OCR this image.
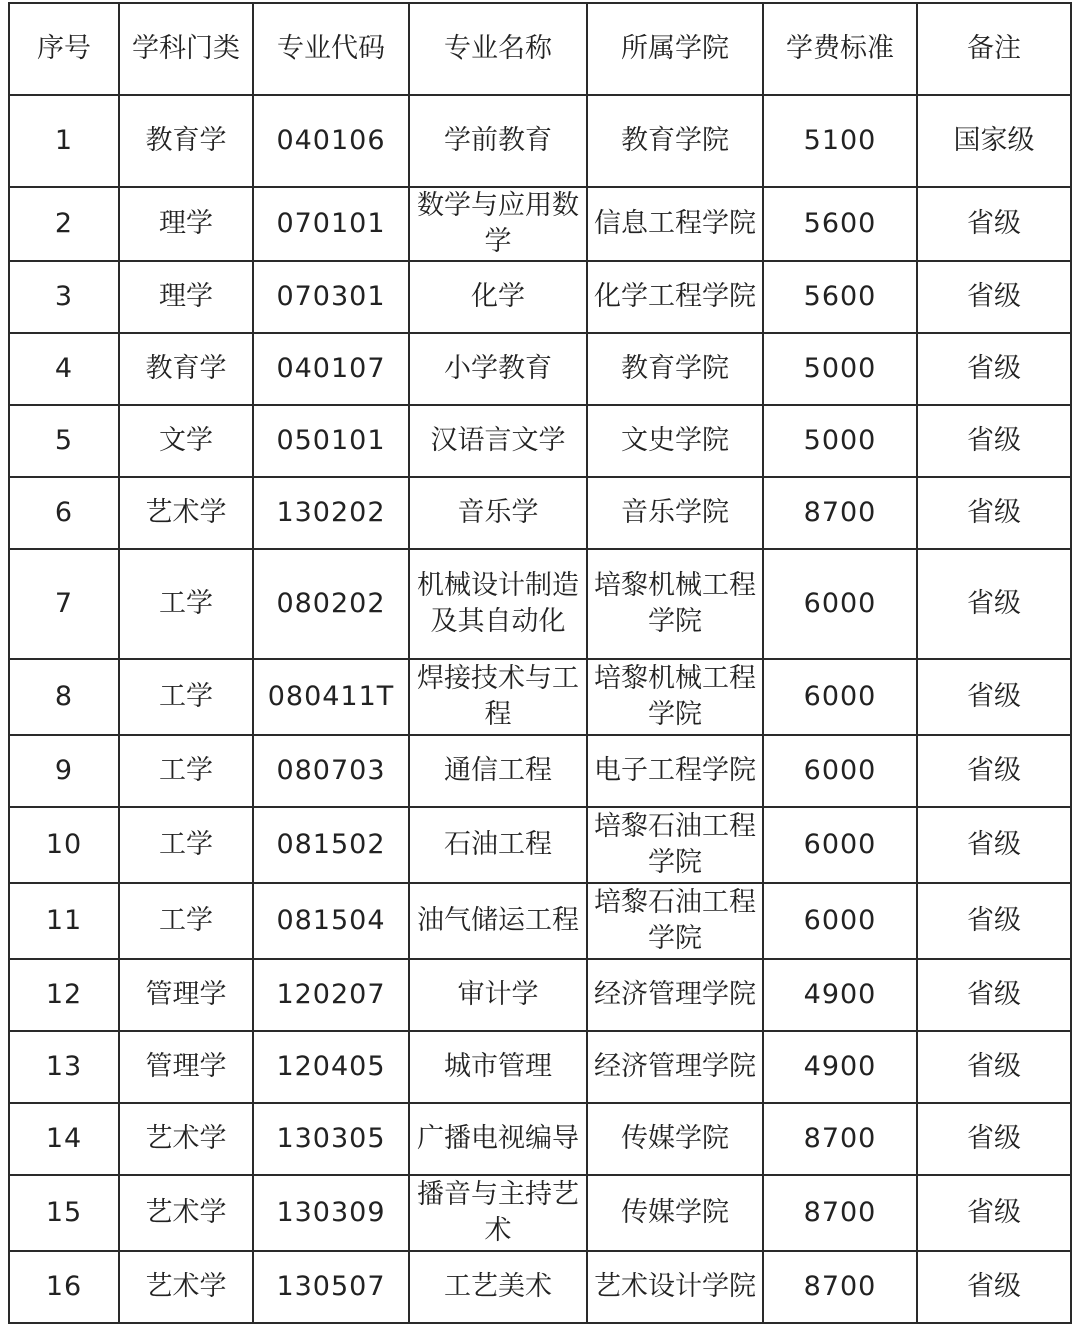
序号	学科门类	专业代码	专业名称	所属学院	学费标准	备注
1	教育学	040106	学前教育	教育学院	5100	国家级
2	理学	070101	数学与应用数学	信息工程学院	5600	省级
3	理学	070301	化学	化学工程学院	5600	省级
4	教育学	040107	小学教育	教育学院	5000	省级
5	文学	050101	汉语言文学	文史学院	5000	省级
6	艺术学	130202	音乐学	音乐学院	8700	省级
7	工学	080202	机械设计制造及其自动化	培黎机械工程学院	6000	省级
8	工学	080411T	焊接技术与工程	培黎机械工程学院	6000	省级
9	工学	080703	通信工程	电子工程学院	6000	省级
10	工学	081502	石油工程	培黎石油工程学院	6000	省级
11	工学	081504	油气储运工程	培黎石油工程学院	6000	省级
12	管理学	120207	审计学	经济管理学院	4900	省级
13	管理学	120405	城市管理	经济管理学院	4900	省级
14	艺术学	130305	广播电视编导	传媒学院	8700	省级
15	艺术学	130309	播音与主持艺术	传媒学院	8700	省级
16	艺术学	130507	工艺美术	艺术设计学院	8700	省级
